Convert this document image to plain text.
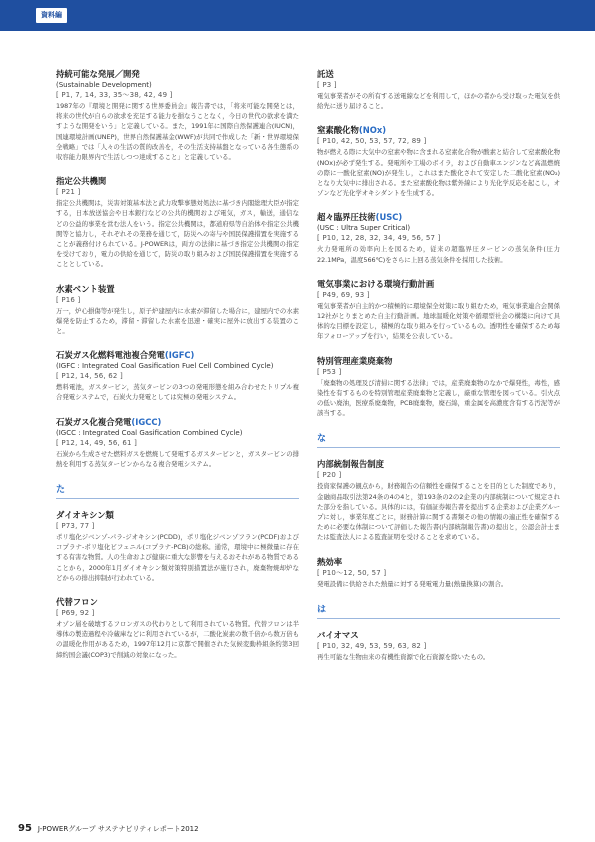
資料編
持続可能な発展／開発
(Sustainable Development)
[ P1, 7, 14, 33, 35～38, 42, 49 ]
1987年の『環境と開発に関する世界委員会』報告書では，「将来可能な開発とは，将来の世代が自らの欲求を充足する能力を損なうことなく，今日の世代の欲求を満たすような開発をいう」と定義している。また，1991年に国際自然保護連合(IUCN)，国連環境計画(UNEP)，世界自然保護基金(WWF)が共同で作成した「新・世界環境保全戦略」では「人々の生活の質的改善を，その生活支持基盤となっている各生態系の収容能力限界内で生活しつつ達成すること」と定義している。
指定公共機関
[ P21 ]
指定公共機関は，災害対策基本法と武力攻撃事態対処法に基づき内閣総理大臣が指定する，日本放送協会や日本銀行などの公共的機関および電気，ガス，輸送，通信などの公益的事業を営む法人をいう。指定公共機関は，都道府県等自治体や指定公共機関等と協力し，それぞれその業務を通じて，防災への寄与や国民保護措置を実施することが義務付けられている。J-POWERは，両方の法律に基づき指定公共機関の指定を受けており，電力の供給を通じて，防災の取り組みおよび国民保護措置を実施することとしている。
水素ベント装置
[ P16 ]
万一，炉心損傷等が発生し，原子炉建屋内に水素が滞留した場合に，建屋内での水素爆発を防止するため，滞留・滞留した水素を迅速・確実に屋外に放出する装置のこと。
石炭ガス化燃料電池複合発電(IGFC)
(IGFC : Integrated Coal Gasification Fuel Cell Combined Cycle)
[ P12, 14, 56, 62 ]
燃料電池，ガスタービン，蒸気タービンの3つの発電形態を組み合わせたトリプル複合発電システムで，石炭火力発電としては究極の発電システム。
石炭ガス化複合発電(IGCC)
(IGCC : Integrated Coal Gasification Combined Cycle)
[ P12, 14, 49, 56, 61 ]
石炭から生成させた燃料ガスを燃焼して発電するガスタービンと，ガスタービンの排熱を利用する蒸気タービンからなる複合発電システム。
た
ダイオキシン類
[ P73, 77 ]
ポリ塩化ジベンゾ-パラ-ジオキシン(PCDD)，ポリ塩化ジベンゾフラン(PCDF)およびコプラナ-ポリ塩化ビフェニル(コプラナ-PCB)の総称。通常，環境中に極微量に存在する有害な物質。人の生命および健康に重大な影響を与えるおそれがある物質であることから，2000年1月ダイオキシン類対策特別措置法が施行され，廃棄物焼却炉などからの排出抑制が行われている。
代替フロン
[ P69, 92 ]
オゾン層を破壊するフロンガスの代わりとして利用されている物質。代替フロンは半導体の製造過程や冷蔵庫などに利用されているが，二酸化炭素の数千倍から数万倍もの温暖化作用があるため，1997年12月に京都で開催された気候変動枠組条約第3回締約国会議(COP3)で削減の対象になった。
託送
[ P3 ]
電気事業者がその所有する送電線などを利用して，ほかの者から受け取った電気を供給先に送り届けること。
窒素酸化物(NOx)
[ P10, 42, 50, 53, 57, 72, 89 ]
物が燃える際に大気中の窒素や物に含まれる窒素化合物が酸素と結合して窒素酸化物(NOx)が必ず発生する。発電所や工場のボイラ，および自動車エンジンなど高温燃焼の際に一酸化窒素(NO)が発生し，これはまた酸化されて安定した二酸化窒素(NO₂)となり大気中に排出される。また窒素酸化物は紫外線により光化学反応を起こし，オゾンなど光化学オキシダントを生成する。
超々臨界圧技術(USC)
(USC : Ultra Super Critical)
[ P10, 12, 28, 32, 34, 49, 56, 57 ]
火力発電所の効率向上を図るため，従来の超臨界圧タービンの蒸気条件(圧力22.1MPa，温度566℃)をさらに上回る蒸気条件を採用した技術。
電気事業における環境行動計画
[ P49, 69, 93 ]
電気事業者が自主的かつ積極的に環境保全対策に取り組むため，電気事業連合会関係12社がとりまとめた自主行動計画。地球温暖化対策や循環型社会の構築に向けて具体的な目標を設定し，積極的な取り組みを行っているもの。透明性を確保するため毎年フォローアップを行い，結果を公表している。
特別管理産業廃棄物
[ P53 ]
「廃棄物の処理及び清掃に関する法律」では，産業廃棄物のなかで爆発性，毒性，感染性を有するものを特別管理産業廃棄物と定義し，厳重な管理を図っている。引火点の低い廃油，医療系廃棄物，PCB廃棄物，廃石綿，重金属を高濃度含有する汚泥等が該当する。
な
内部統制報告制度
[ P20 ]
投資家保護の観点から，財務報告の信頼性を確保することを目的とした制度であり，金融商品取引法第24条の4の4と，第193条の2の2企業の内部統制について規定された部分を指している。具体的には，有価証券報告書を提出する企業および企業グループに対し，事業年度ごとに，財務計算に関する書類その他の情報の適正性を確保するために必要な体制について評価した報告書(内部統制報告書)の提出と，公認会計士または監査法人による監査証明を受けることを求めている。
熱効率
[ P10～12, 50, 57 ]
発電設備に供給された熱量に対する発電電力量(熱量換算)の割合。
は
バイオマス
[ P10, 32, 49, 53, 59, 63, 82 ]
再生可能な生物由来の有機性資源で化石資源を除いたもの。
95 J-POWERグループ サステナビリティレポート2012
